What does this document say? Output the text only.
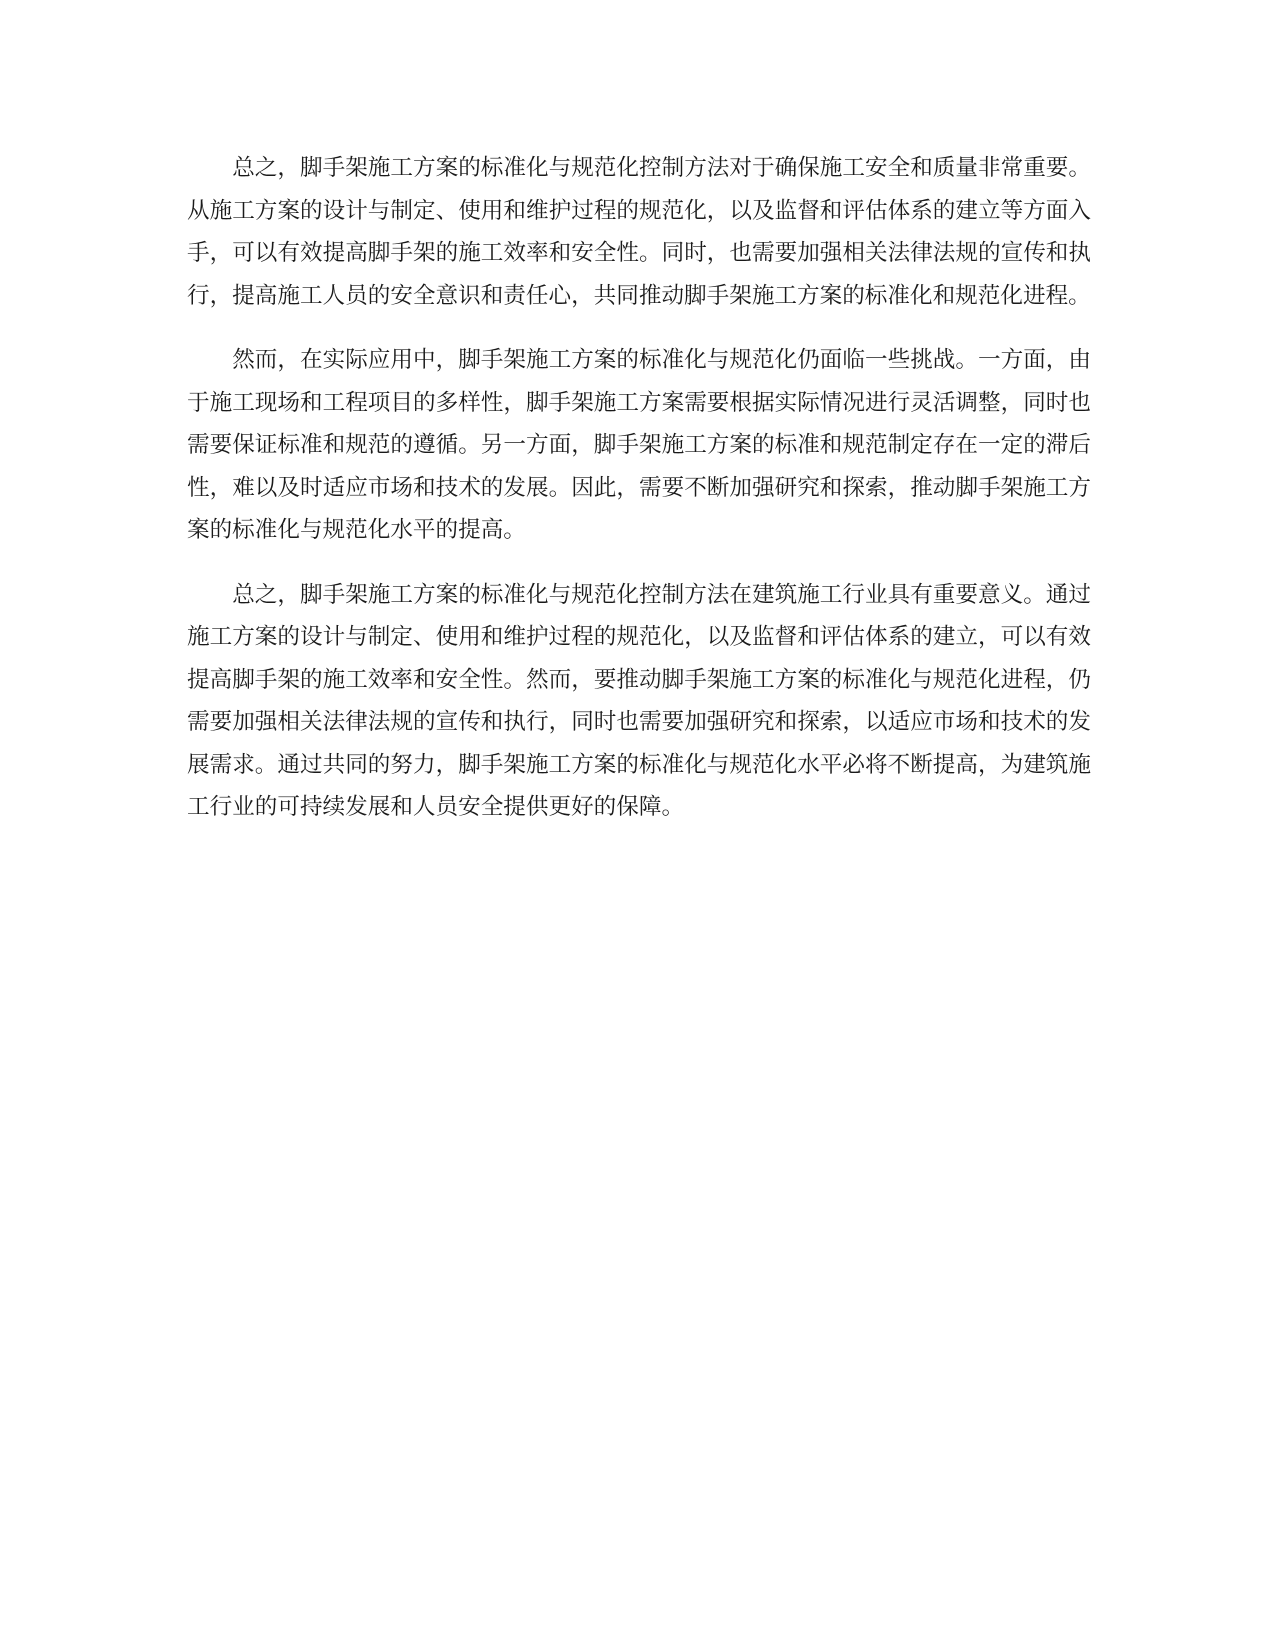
总之，脚手架施工方案的标准化与规范化控制方法对于确保施工安全和质量非常重要。从施工方案的设计与制定、使用和维护过程的规范化，以及监督和评估体系的建立等方面入手，可以有效提高脚手架的施工效率和安全性。同时，也需要加强相关法律法规的宣传和执行，提高施工人员的安全意识和责任心，共同推动脚手架施工方案的标准化和规范化进程。

然而，在实际应用中，脚手架施工方案的标准化与规范化仍面临一些挑战。一方面，由于施工现场和工程项目的多样性，脚手架施工方案需要根据实际情况进行灵活调整，同时也需要保证标准和规范的遵循。另一方面，脚手架施工方案的标准和规范制定存在一定的滞后性，难以及时适应市场和技术的发展。因此，需要不断加强研究和探索，推动脚手架施工方案的标准化与规范化水平的提高。

总之，脚手架施工方案的标准化与规范化控制方法在建筑施工行业具有重要意义。通过施工方案的设计与制定、使用和维护过程的规范化，以及监督和评估体系的建立，可以有效提高脚手架的施工效率和安全性。然而，要推动脚手架施工方案的标准化与规范化进程，仍需要加强相关法律法规的宣传和执行，同时也需要加强研究和探索，以适应市场和技术的发展需求。通过共同的努力，脚手架施工方案的标准化与规范化水平必将不断提高，为建筑施工行业的可持续发展和人员安全提供更好的保障。
